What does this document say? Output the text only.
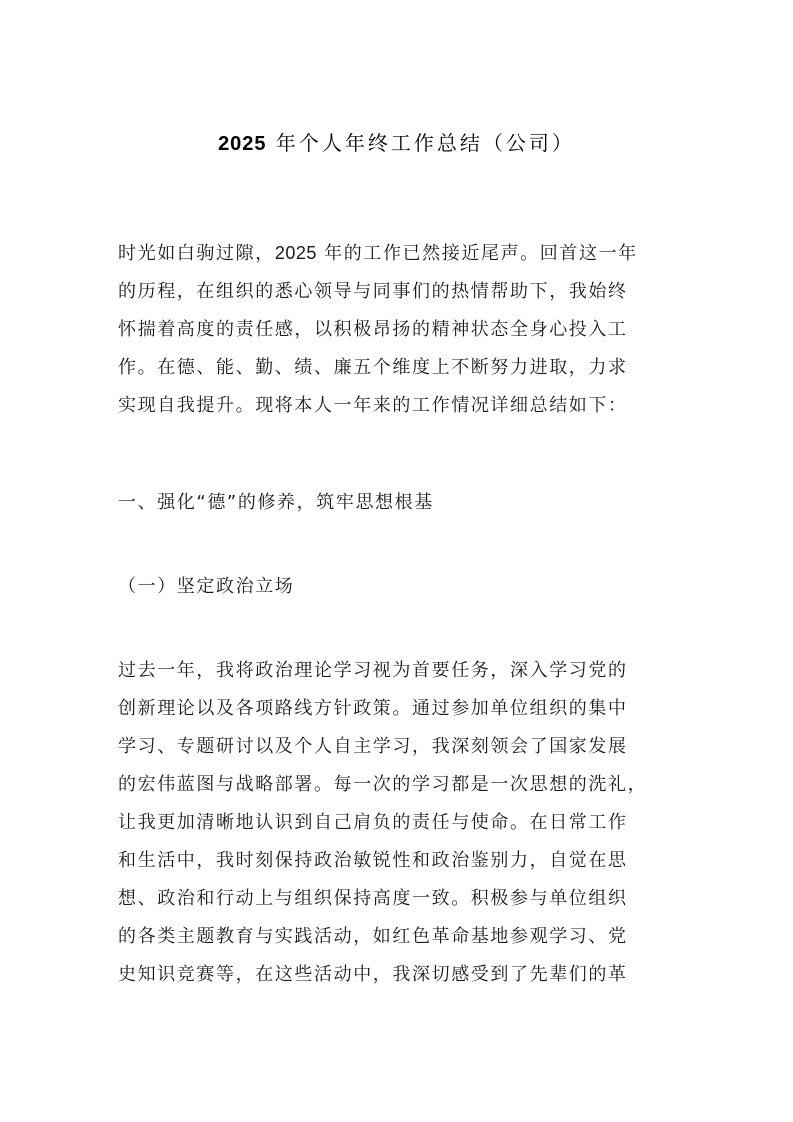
2025 年个人年终工作总结（公司）

时光如白驹过隙，2025 年的工作已然接近尾声。回首这一年
的历程，在组织的悉心领导与同事们的热情帮助下，我始终
怀揣着高度的责任感，以积极昂扬的精神状态全身心投入工
作。在德、能、勤、绩、廉五个维度上不断努力进取，力求
实现自我提升。现将本人一年来的工作情况详细总结如下：

一、强化“德”的修养，筑牢思想根基
（一）坚定政治立场

过去一年，我将政治理论学习视为首要任务，深入学习党的
创新理论以及各项路线方针政策。通过参加单位组织的集中
学习、专题研讨以及个人自主学习，我深刻领会了国家发展
的宏伟蓝图与战略部署。每一次的学习都是一次思想的洗礼，
让我更加清晰地认识到自己肩负的责任与使命。在日常工作
和生活中，我时刻保持政治敏锐性和政治鉴别力，自觉在思
想、政治和行动上与组织保持高度一致。积极参与单位组织
的各类主题教育与实践活动，如红色革命基地参观学习、党
史知识竞赛等，在这些活动中，我深切感受到了先辈们的革
